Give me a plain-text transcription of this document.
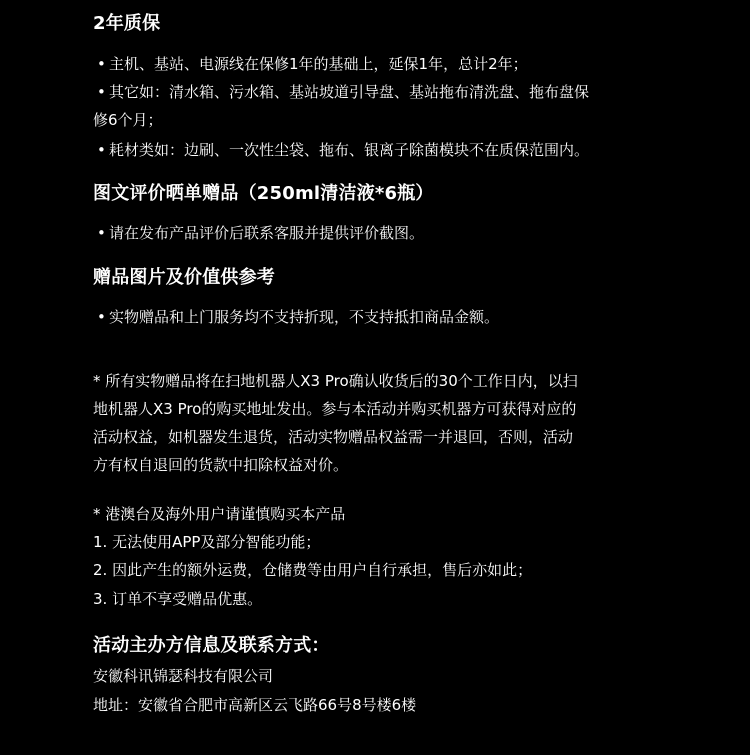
2年质保
• 主机、基站、电源线在保修1年的基础上，延保1年，总计2年；
• 其它如：清水箱、污水箱、基站坡道引导盘、基站拖布清洗盘、拖布盘保
修6个月；
• 耗材类如：边刷、一次性尘袋、拖布、银离子除菌模块不在质保范围内。
图文评价晒单赠品（250ml清洁液*6瓶）
• 请在发布产品评价后联系客服并提供评价截图。
赠品图片及价值供参考
• 实物赠品和上门服务均不支持折现，不支持抵扣商品金额。
* 所有实物赠品将在扫地机器人X3 Pro确认收货后的30个工作日内，以扫
地机器人X3 Pro的购买地址发出。参与本活动并购买机器方可获得对应的
活动权益，如机器发生退货，活动实物赠品权益需一并退回，否则，活动
方有权自退回的货款中扣除权益对价。
* 港澳台及海外用户请谨慎购买本产品
1. 无法使用APP及部分智能功能；
2. 因此产生的额外运费，仓储费等由用户自行承担，售后亦如此；
3. 订单不享受赠品优惠。
活动主办方信息及联系方式：
安徽科讯锦瑟科技有限公司
地址：安徽省合肥市高新区云飞路66号8号楼6楼
